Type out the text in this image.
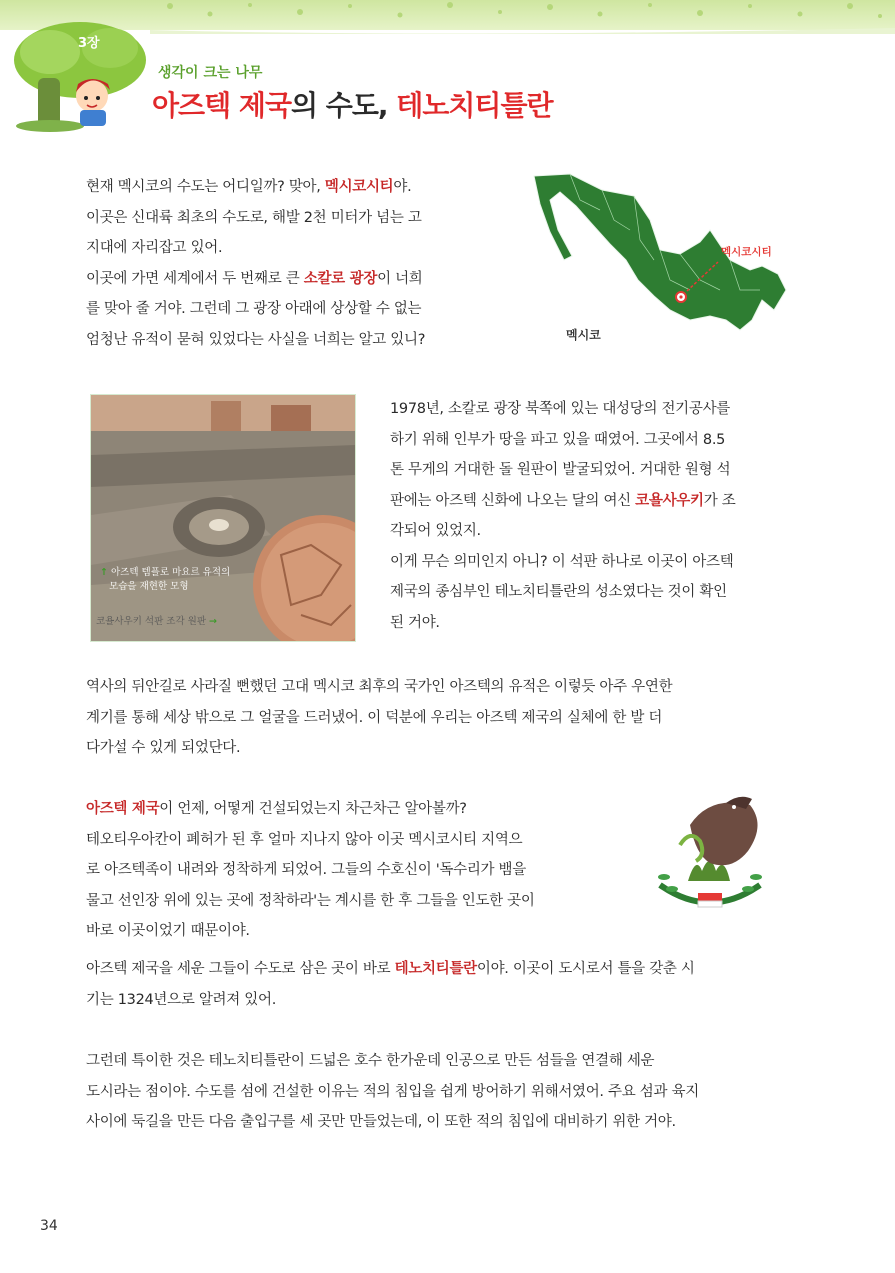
3장
생각이 크는 나무
아즈텍 제국의 수도, 테노치티틀란

현재 멕시코의 수도는 어디일까? 맞아, 멕시코시티야.
이곳은 신대륙 최초의 수도로, 해발 2천 미터가 넘는 고
지대에 자리잡고 있어.
이곳에 가면 세계에서 두 번째로 큰 소칼로 광장이 너희
를 맞아 줄 거야. 그런데 그 광장 아래에 상상할 수 없는
엄청난 유적이 묻혀 있었다는 사실을 너희는 알고 있니?

멕시코시티
멕시코
↑ 아즈텍 템플로 마요르 유적의
모습을 재현한 모형
코욜사우키 석판 조각 원판 →

1978년, 소칼로 광장 북쪽에 있는 대성당의 전기공사를
하기 위해 인부가 땅을 파고 있을 때였어. 그곳에서 8.5
톤 무게의 거대한 돌 원판이 발굴되었어. 거대한 원형 석
판에는 아즈텍 신화에 나오는 달의 여신 코욜사우키가 조
각되어 있었지.
이게 무슨 의미인지 아니? 이 석판 하나로 이곳이 아즈텍
제국의 종심부인 테노치티틀란의 성소였다는 것이 확인
된 거야.

역사의 뒤안길로 사라질 뻔했던 고대 멕시코 최후의 국가인 아즈텍의 유적은 이렇듯 아주 우연한
계기를 통해 세상 밖으로 그 얼굴을 드러냈어. 이 덕분에 우리는 아즈텍 제국의 실체에 한 발 더
다가설 수 있게 되었단다.

아즈텍 제국이 언제, 어떻게 건설되었는지 차근차근 알아볼까?
테오티우아칸이 폐허가 된 후 얼마 지나지 않아 이곳 멕시코시티 지역으
로 아즈텍족이 내려와 정착하게 되었어. 그들의 수호신이 '독수리가 뱀을
물고 선인장 위에 있는 곳에 정착하라'는 계시를 한 후 그들을 인도한 곳이
바로 이곳이었기 때문이야.

아즈텍 제국을 세운 그들이 수도로 삼은 곳이 바로 테노치티틀란이야. 이곳이 도시로서 틀을 갖춘 시
기는 1324년으로 알려져 있어.

그런데 특이한 것은 테노치티틀란이 드넓은 호수 한가운데 인공으로 만든 섬들을 연결해 세운
도시라는 점이야. 수도를 섬에 건설한 이유는 적의 침입을 쉽게 방어하기 위해서였어. 주요 섬과 육지
사이에 둑길을 만든 다음 출입구를 세 곳만 만들었는데, 이 또한 적의 침입에 대비하기 위한 거야.

34
